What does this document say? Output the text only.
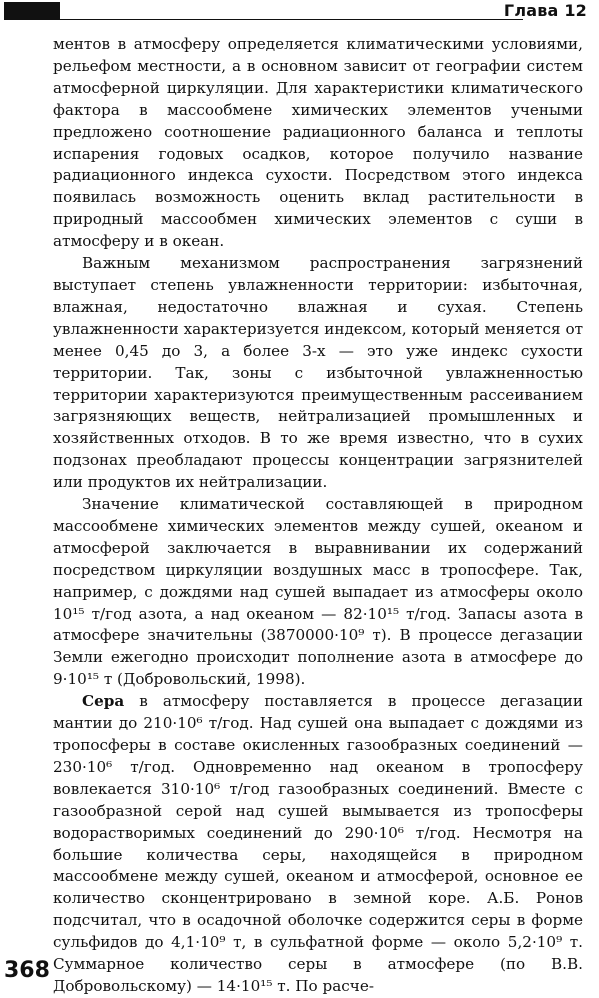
Глава 12

ментов в атмосферу определяется климатическими условиями, рельефом местности, а в основном зависит от географии систем атмосферной циркуляции. Для характеристики климатического фактора в массообмене химических элементов учеными предложено соотношение радиационного баланса и теплоты испарения годовых осадков, которое получило название радиационного индекса сухости. Посредством этого индекса появилась возможность оценить вклад растительности в природный массообмен химических элементов с суши в атмосферу и в океан.

Важным механизмом распространения загрязнений выступает степень увлажненности территории: избыточная, влажная, недостаточно влажная и сухая. Степень увлажненности характеризуется индексом, который меняется от менее 0,45 до 3, а более 3-х — это уже индекс сухости территории. Так, зоны с избыточной увлажненностью территории характеризуются преимущественным рассеиванием загрязняющих веществ, нейтрализацией промышленных и хозяйственных отходов. В то же время известно, что в сухих подзонах преобладают процессы концентрации загрязнителей или продуктов их нейтрализации.

Значение климатической составляющей в природном массообмене химических элементов между сушей, океаном и атмосферой заключается в выравнивании их содержаний посредством циркуляции воздушных масс в тропосфере. Так, например, с дождями над сушей выпадает из атмосферы около 10¹⁵ т/год азота, а над океаном — 82·10¹⁵ т/год. Запасы азота в атмосфере значительны (3870000·10⁹ т). В процессе дегазации Земли ежегодно происходит пополнение азота в атмосфере до 9·10¹⁵ т (Добровольский, 1998).

Сера в атмосферу поставляется в процессе дегазации мантии до 210·10⁶ т/год. Над сушей она выпадает с дождями из тропосферы в составе окисленных газообразных соединений — 230·10⁶ т/год. Одновременно над океаном в тропосферу вовлекается 310·10⁶ т/год газообразных соединений. Вместе с газообразной серой над сушей вымывается из тропосферы водорастворимых соединений до 290·10⁶ т/год. Несмотря на большие количества серы, находящейся в природном массообмене между сушей, океаном и атмосферой, основное ее количество сконцентрировано в земной коре. А.Б. Ронов подсчитал, что в осадочной оболочке содержится серы в форме сульфидов до 4,1·10⁹ т, в сульфатной форме — около 5,2·10⁹ т. Суммарное количество серы в атмосфере (по В.В. Добровольскому) — 14·10¹⁵ т. По расче-

368
